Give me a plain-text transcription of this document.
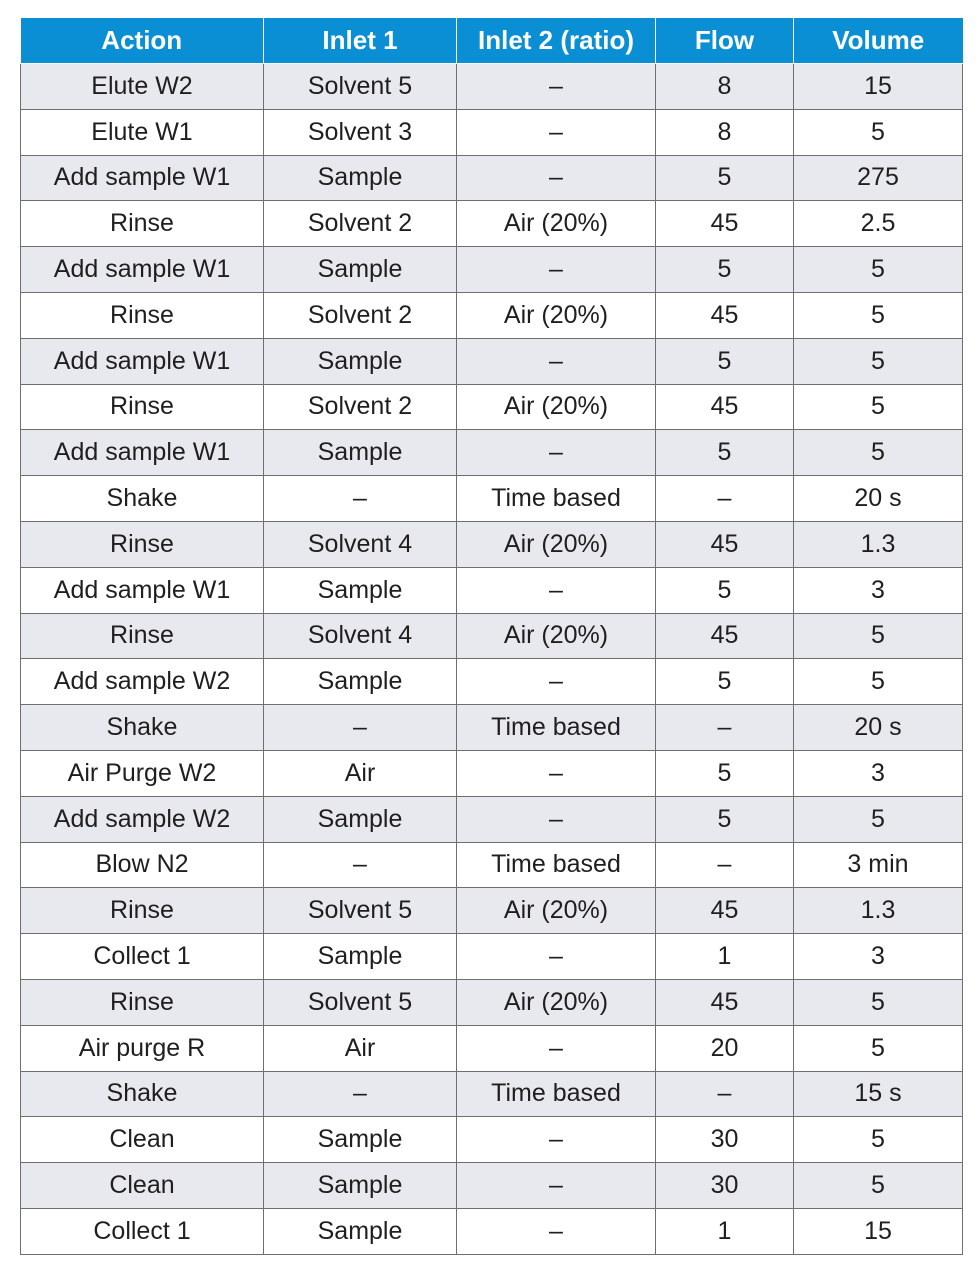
Action	Inlet 1	Inlet 2 (ratio)	Flow	Volume
Elute W2	Solvent 5	–	8	15
Elute W1	Solvent 3	–	8	5
Add sample W1	Sample	–	5	275
Rinse	Solvent 2	Air (20%)	45	2.5
Add sample W1	Sample	–	5	5
Rinse	Solvent 2	Air (20%)	45	5
Add sample W1	Sample	–	5	5
Rinse	Solvent 2	Air (20%)	45	5
Add sample W1	Sample	–	5	5
Shake	–	Time based	–	20 s
Rinse	Solvent 4	Air (20%)	45	1.3
Add sample W1	Sample	–	5	3
Rinse	Solvent 4	Air (20%)	45	5
Add sample W2	Sample	–	5	5
Shake	–	Time based	–	20 s
Air Purge W2	Air	–	5	3
Add sample W2	Sample	–	5	5
Blow N2	–	Time based	–	3 min
Rinse	Solvent 5	Air (20%)	45	1.3
Collect 1	Sample	–	1	3
Rinse	Solvent 5	Air (20%)	45	5
Air purge R	Air	–	20	5
Shake	–	Time based	–	15 s
Clean	Sample	–	30	5
Clean	Sample	–	30	5
Collect 1	Sample	–	1	15
